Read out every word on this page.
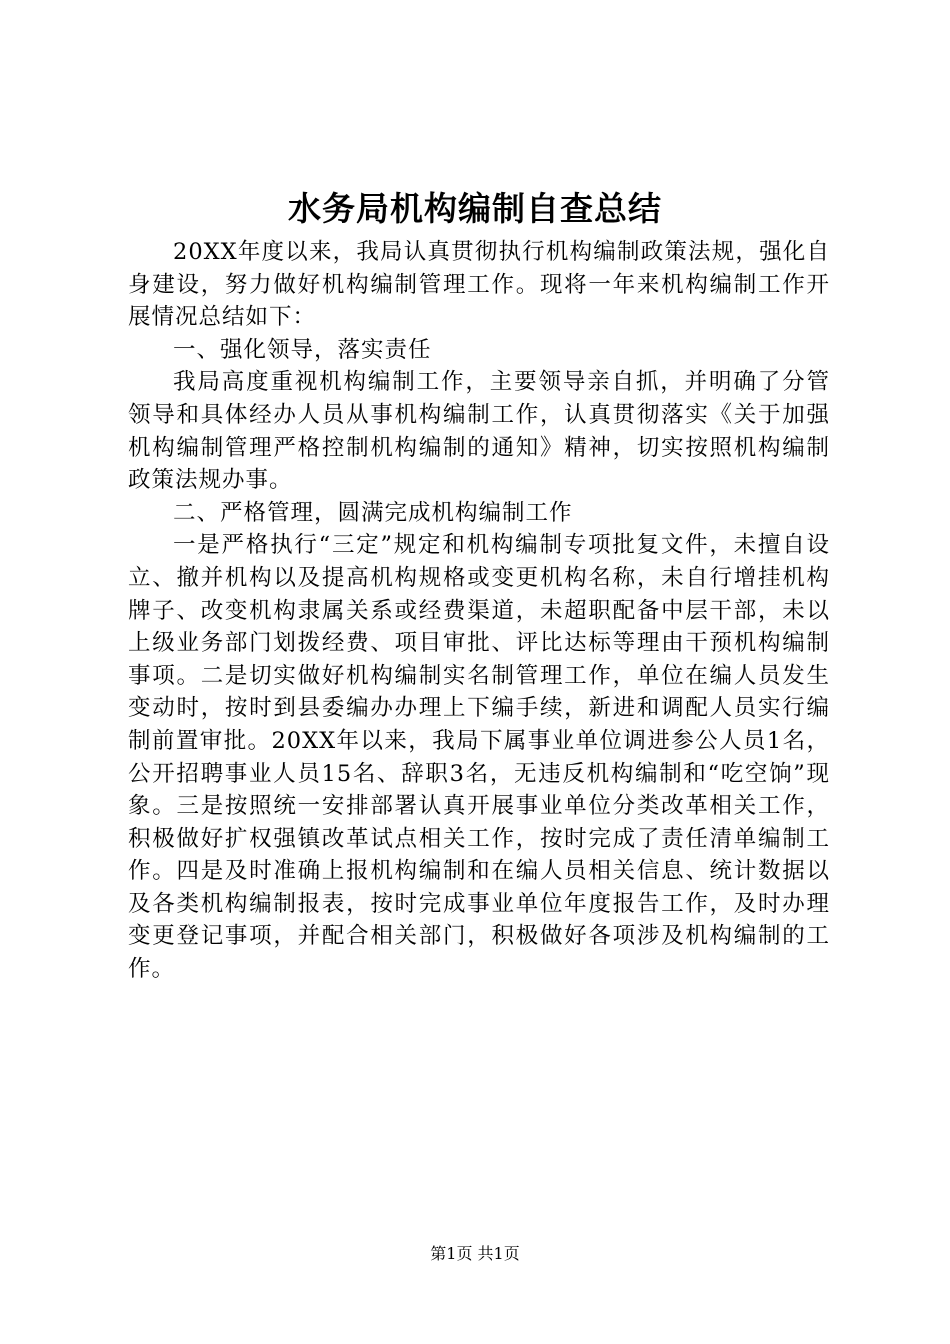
水务局机构编制自查总结

20XX年度以来，我局认真贯彻执行机构编制政策法规，强化自身建设，努力做好机构编制管理工作。现将一年来机构编制工作开展情况总结如下：

一、强化领导，落实责任

我局高度重视机构编制工作，主要领导亲自抓，并明确了分管领导和具体经办人员从事机构编制工作，认真贯彻落实《关于加强机构编制管理严格控制机构编制的通知》精神，切实按照机构编制政策法规办事。

二、严格管理，圆满完成机构编制工作

一是严格执行“三定”规定和机构编制专项批复文件，未擅自设立、撤并机构以及提高机构规格或变更机构名称，未自行增挂机构牌子、改变机构隶属关系或经费渠道，未超职配备中层干部，未以上级业务部门划拨经费、项目审批、评比达标等理由干预机构编制事项。二是切实做好机构编制实名制管理工作，单位在编人员发生变动时，按时到县委编办办理上下编手续，新进和调配人员实行编制前置审批。20XX年以来，我局下属事业单位调进参公人员1名，公开招聘事业人员15名、辞职3名，无违反机构编制和“吃空饷”现象。三是按照统一安排部署认真开展事业单位分类改革相关工作，积极做好扩权强镇改革试点相关工作，按时完成了责任清单编制工作。四是及时准确上报机构编制和在编人员相关信息、统计数据以及各类机构编制报表，按时完成事业单位年度报告工作，及时办理变更登记事项，并配合相关部门，积极做好各项涉及机构编制的工作。

第1页 共1页
